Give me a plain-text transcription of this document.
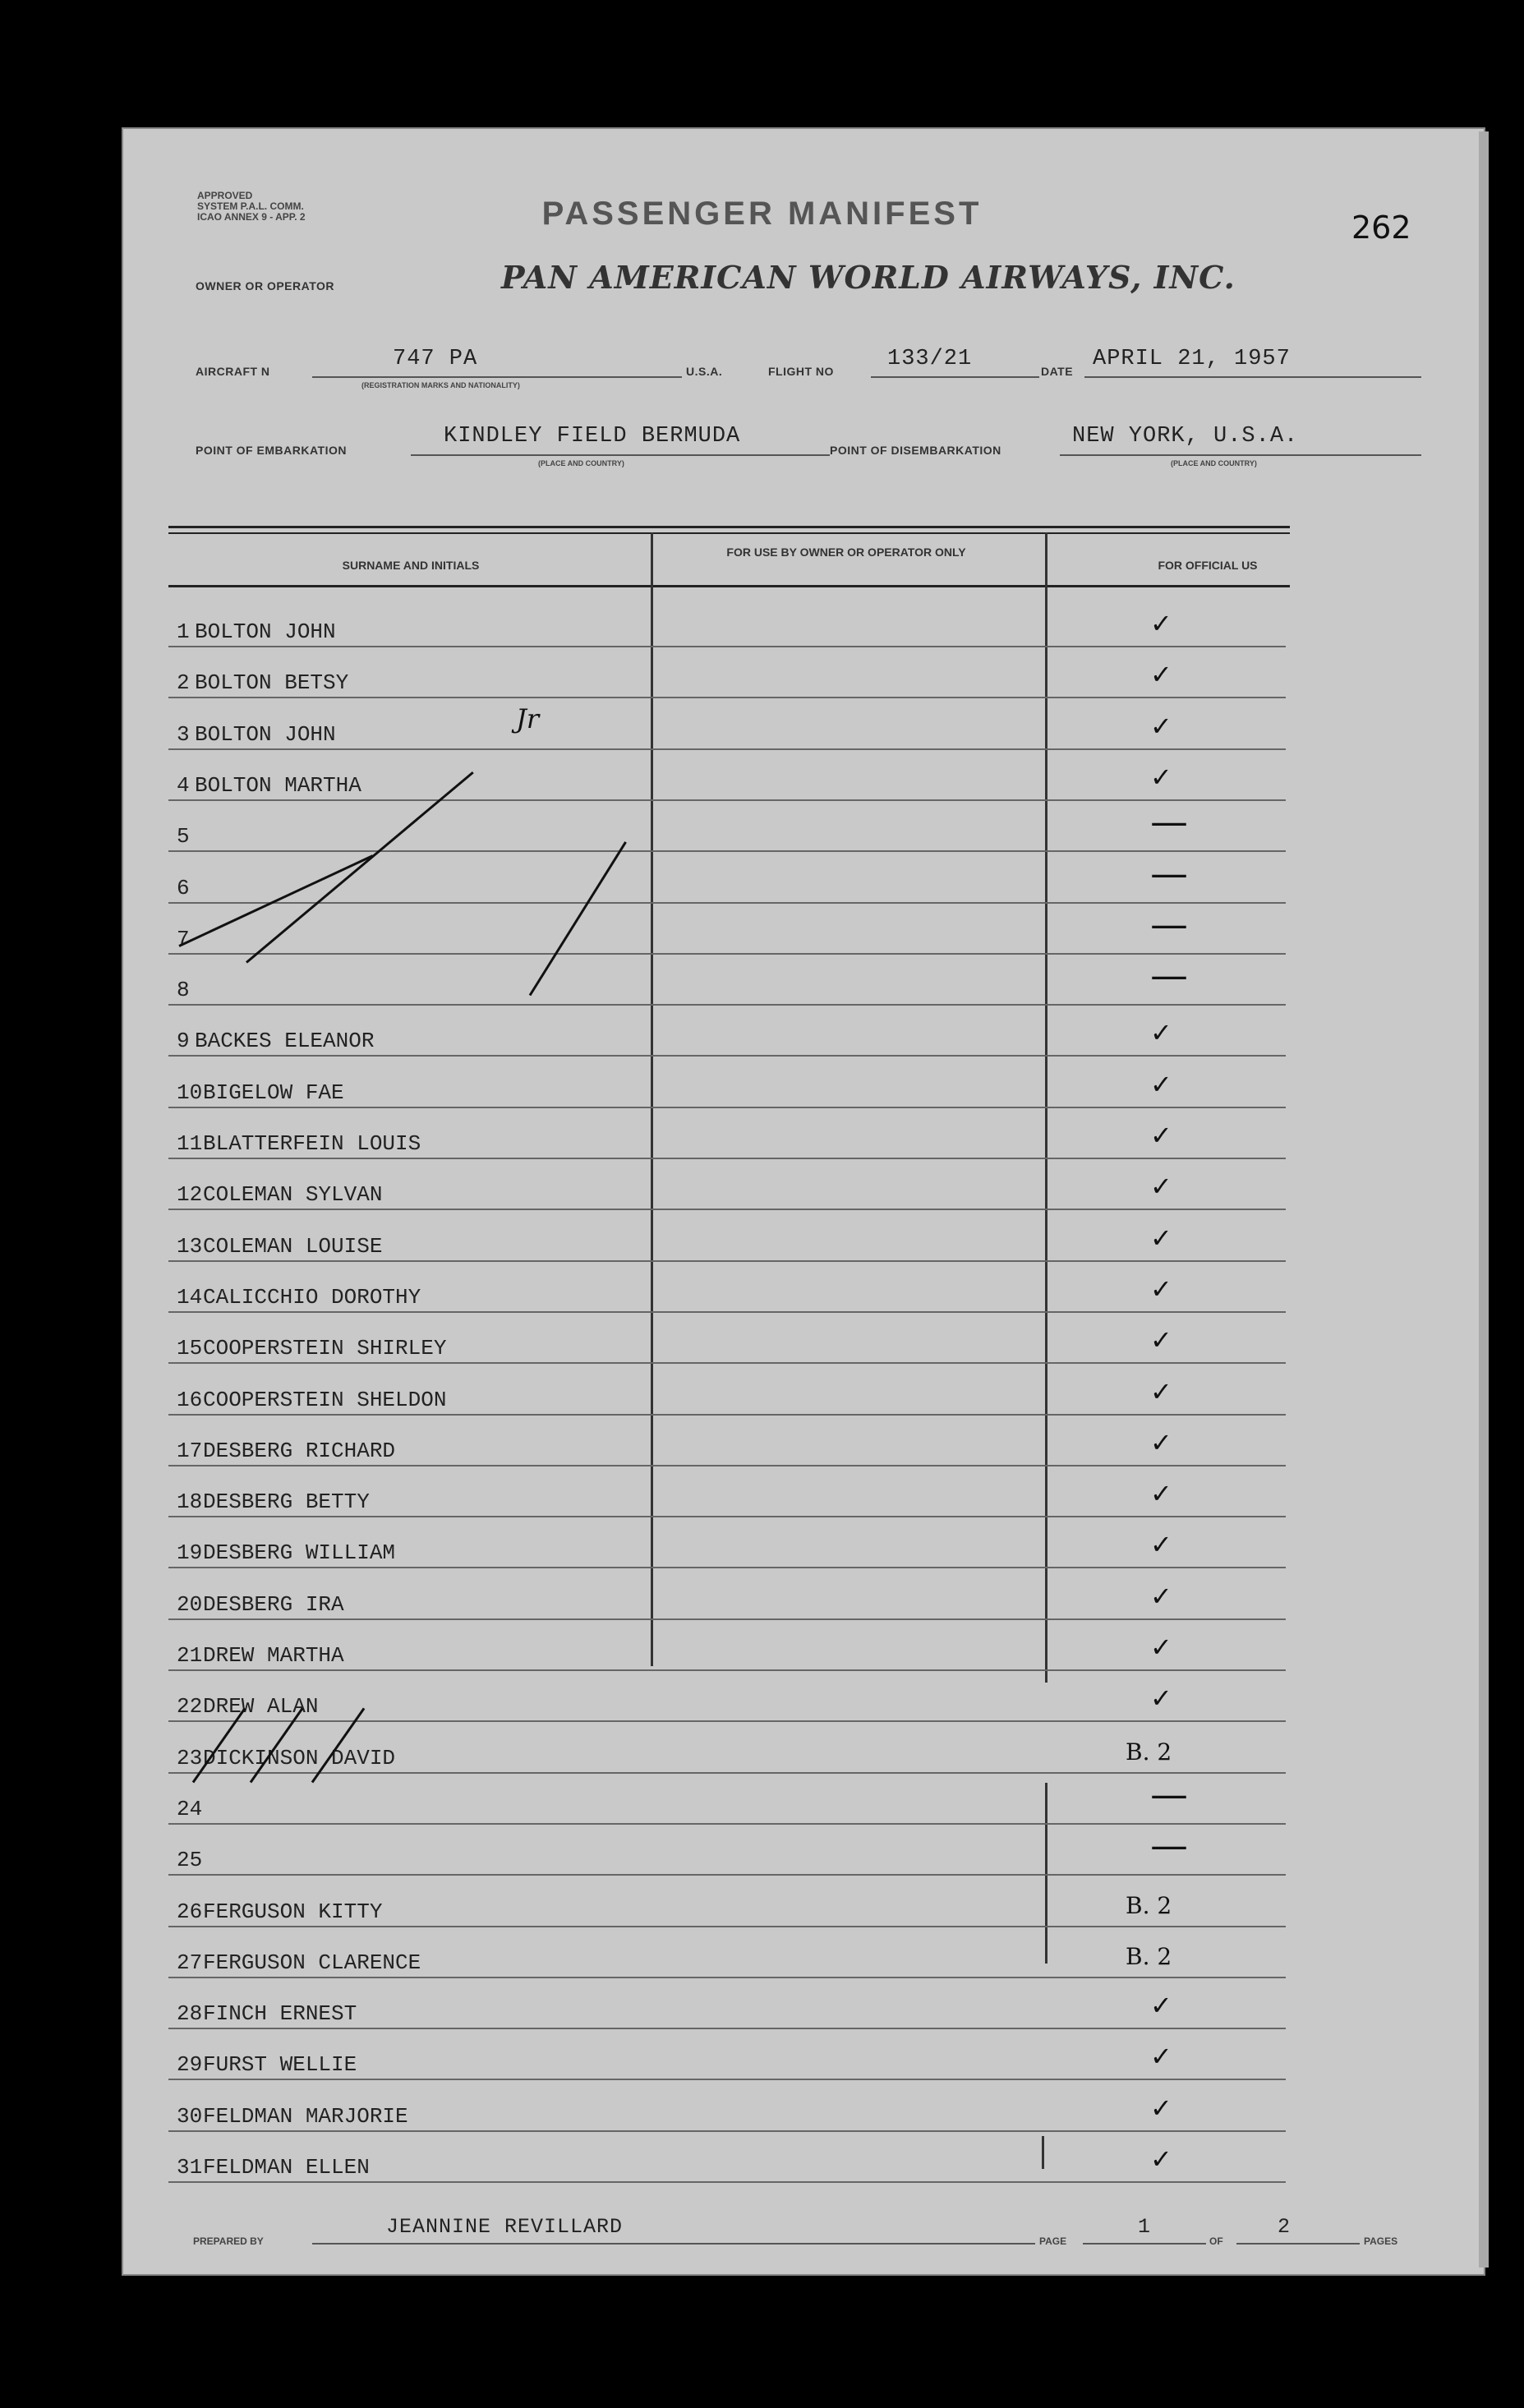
APPROVED
SYSTEM P.A.L. COMM.
ICAO ANNEX 9 - APP. 2	PASSENGER MANIFEST	262
OWNER OR OPERATOR	PAN AMERICAN WORLD AIRWAYS, INC.
AIRCRAFT N	747 PA
(REGISTRATION MARKS AND NATIONALITY)
U.S.A.	FLIGHT NO 133/21	DATE APRIL 21, 1957
POINT OF EMBARKATION
KINDLEY FIELD BERMUDA
(PLACE AND COUNTRY)
POINT OF DISEMBARKATION
NEW YORK, U.S.A.
(PLACE AND COUNTRY)
SURNAME AND INITIALS
FOR USE BY OWNER OR OPERATOR ONLY
FOR OFFICIAL US
1 BOLTON JOHN	✓
2 BOLTON BETSY	✓
3 BOLTON JOHN	✓
4 BOLTON MARTHA	✓
5	—
6	—
7	—
8	—
9 BACKES ELEANOR	✓
10 BIGELOW FAE	✓
11 BLATTERFEIN LOUIS	✓
12 COLEMAN SYLVAN	✓
13 COLEMAN LOUISE	✓
14 CALICCHIO DOROTHY	✓
15 COOPERSTEIN SHIRLEY	✓
16 COOPERSTEIN SHELDON	✓
17 DESBERG RICHARD	✓
18 DESBERG BETTY	✓
19 DESBERG WILLIAM	✓
20 DESBERG IRA	✓
21 DREW MARTHA	✓
22 DREW ALAN	✓
23 DICKINSON DAVID	B. 2
24	—
25	—
26 FERGUSON KITTY	B. 2
27 FERGUSON CLARENCE	B. 2
28 FINCH ERNEST	✓
29 FURST WELLIE	✓
30 FELDMAN MARJORIE	✓
31 FELDMAN ELLEN	✓
Jr
PREPARED BY
JEANNINE REVILLARD
PAGE
1
OF
2
PAGES
